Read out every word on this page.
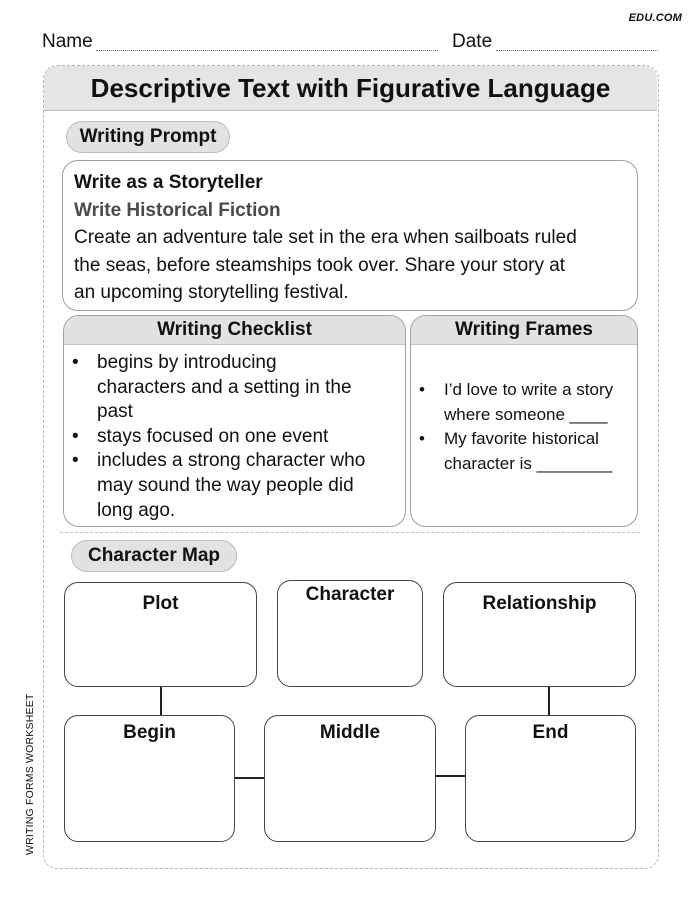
EDU.COM
Name	Date
Descriptive Text with Figurative Language
Writing Prompt
Write as a Storyteller
Write Historical Fiction
Create an adventure tale set in the era when sailboats ruled
the seas, before steamships took over. Share your story at
an upcoming storytelling festival.
Writing Checklist
• begins by introducing
characters and a setting in the
past
• stays focused on one event
• includes a strong character who
may sound the way people did
long ago.
Writing Frames
• I’d love to write a story
where someone ____
• My favorite historical
character is ________
Character Map
Plot	Character	Relationship
Begin	Middle	End
WRITING FORMS WORKSHEET
